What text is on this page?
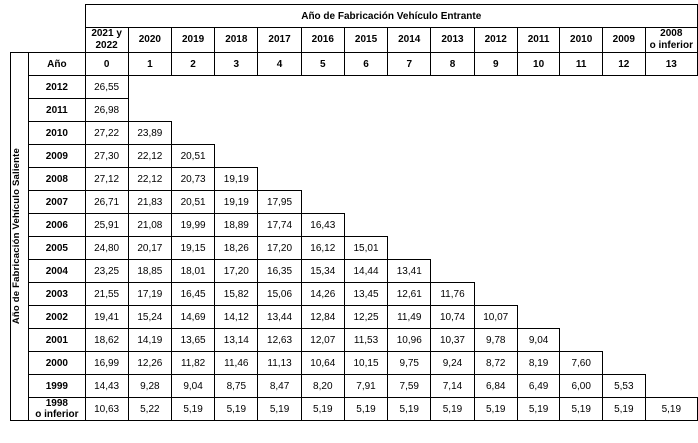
		Año de Fabricación Vehículo Entrante													
		2021 y 2022	2020	2019	2018	2017	2016	2015	2014	2013	2012	2011	2010	2009	2008
o inferior

Año de Fabricación Vehículo Saliente	Año	0	1	2	3	4	5	6	7	8	9	10	11	12	13
	2012	26,55													
	2011	26,98													
	2010	27,22	23,89												
	2009	27,30	22,12	20,51											
	2008	27,12	22,12	20,73	19,19										
	2007	26,71	21,83	20,51	19,19	17,95									
	2006	25,91	21,08	19,99	18,89	17,74	16,43								
	2005	24,80	20,17	19,15	18,26	17,20	16,12	15,01							
	2004	23,25	18,85	18,01	17,20	16,35	15,34	14,44	13,41						
	2003	21,55	17,19	16,45	15,82	15,06	14,26	13,45	12,61	11,76					
	2002	19,41	15,24	14,69	14,12	13,44	12,84	12,25	11,49	10,74	10,07				
	2001	18,62	14,19	13,65	13,14	12,63	12,07	11,53	10,96	10,37	9,78	9,04			
	2000	16,99	12,26	11,82	11,46	11,13	10,64	10,15	9,75	9,24	8,72	8,19	7,60		
	1999	14,43	9,28	9,04	8,75	8,47	8,20	7,91	7,59	7,14	6,84	6,49	6,00	5,53	

	1998
o inferior	10,63	5,22	5,19	5,19	5,19	5,19	5,19	5,19	5,19	5,19	5,19	5,19	5,19	5,19
